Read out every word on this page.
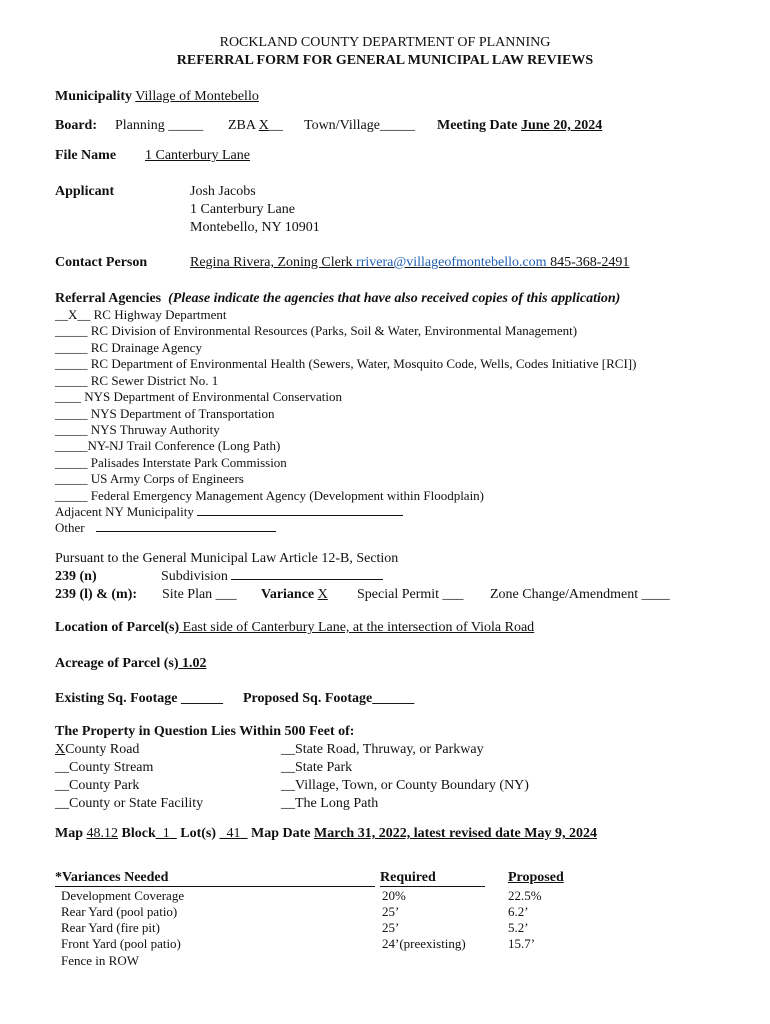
ROCKLAND COUNTY DEPARTMENT OF PLANNING
REFERRAL FORM FOR GENERAL MUNICIPAL LAW REVIEWS
Municipality Village of Montebello
Board: Planning _____ ZBA X__ Town/Village_____ Meeting Date June 20, 2024
File Name 1 Canterbury Lane
Applicant	Josh Jacobs
1 Canterbury Lane
Montebello, NY 10901
Contact Person	Regina Rivera, Zoning Clerk rrivera@villageofmontebello.com 845-368-2491
Referral Agencies (Please indicate the agencies that have also received copies of this application)
__X__ RC Highway Department
_____ RC Division of Environmental Resources (Parks, Soil & Water, Environmental Management)
_____ RC Drainage Agency
_____ RC Department of Environmental Health (Sewers, Water, Mosquito Code, Wells, Codes Initiative [RCI])
_____ RC Sewer District No. 1
____ NYS Department of Environmental Conservation
_____ NYS Department of Transportation
_____ NYS Thruway Authority
_____NY-NJ Trail Conference (Long Path)
_____ Palisades Interstate Park Commission
_____ US Army Corps of Engineers
_____ Federal Emergency Management Agency (Development within Floodplain)
Adjacent NY Municipality
Other
Pursuant to the General Municipal Law Article 12-B, Section
239 (n)	Subdivision
239 (l) & (m): Site Plan ___ Variance X Special Permit ___ Zone Change/Amendment ____
Location of Parcel(s) East side of Canterbury Lane, at the intersection of Viola Road
Acreage of Parcel (s) 1.02
Existing Sq. Footage ______ Proposed Sq. Footage______
The Property in Question Lies Within 500 Feet of:
XCounty Road
__County Stream
__County Park
__County or State Facility
__State Road, Thruway, or Parkway
__State Park
__Village, Town, or County Boundary (NY)
__The Long Path
Map 48.12 Block_1_ Lot(s) _41_ Map Date March 31, 2022, latest revised date May 9, 2024
*Variances Needed	Required	Proposed
Development Coverage	20%	22.5%
Rear Yard (pool patio)	25’	6.2’
Rear Yard (fire pit)	25’	5.2’
Front Yard (pool patio)	24’(preexisting)	15.7’
Fence in ROW
